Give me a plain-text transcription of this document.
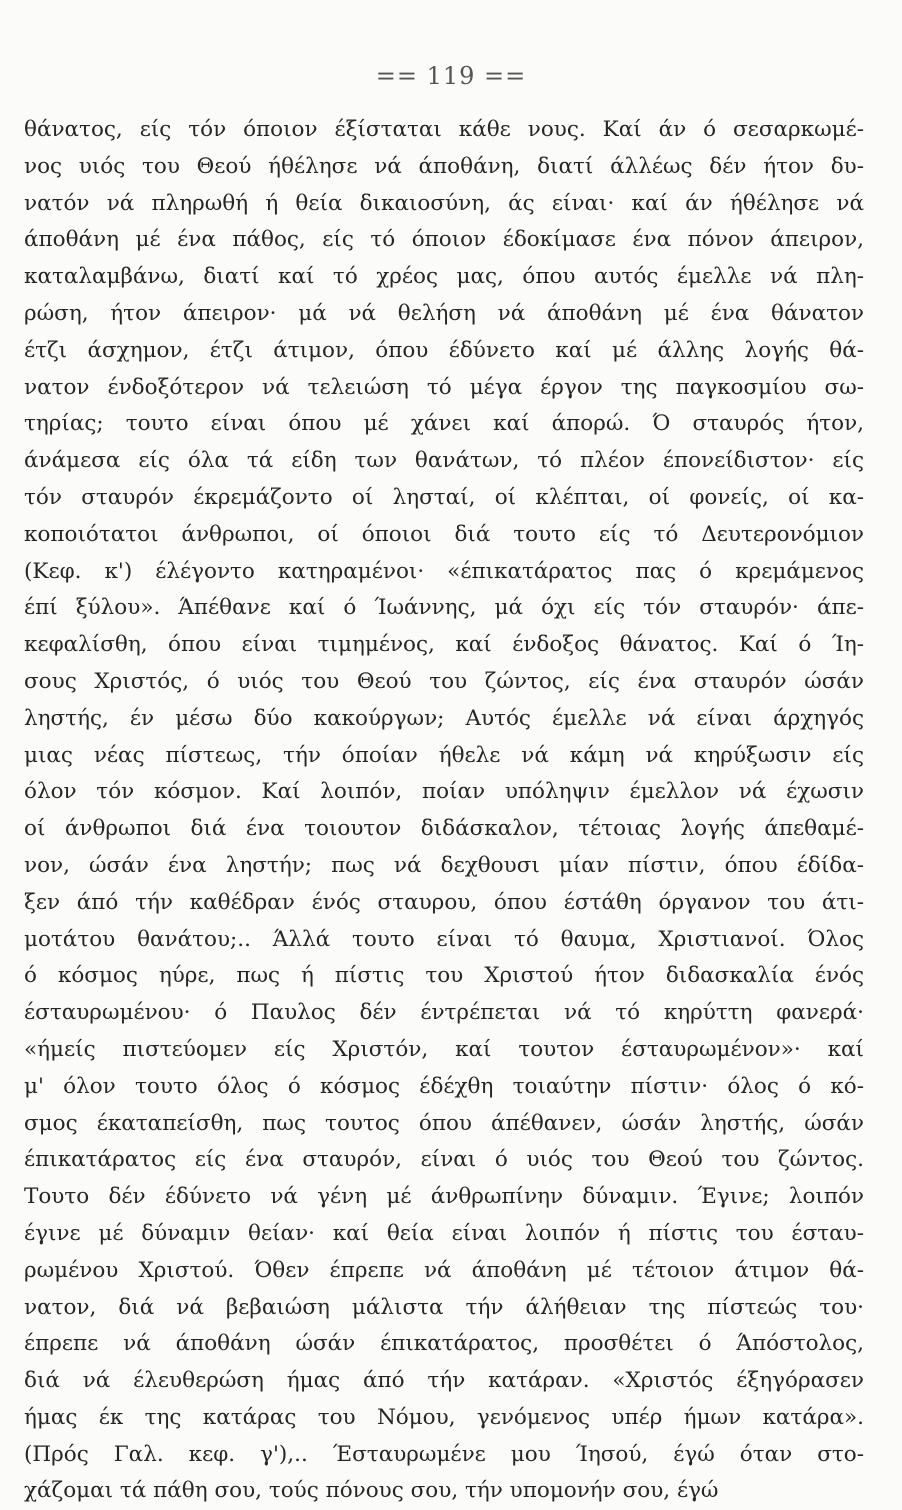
== 119 ==
θάνατος, είς τόν όποιον έξίσταται κάθε νους. Καί άν ό σεσαρκωμέ-
νος υιός του Θεού ήθέλησε νά άποθάνη, διατί άλλέως δέν ήτον δυ-
νατόν νά πληρωθή ή θεία δικαιοσύνη, άς είναι· καί άν ήθέλησε νά
άποθάνη μέ ένα πάθος, είς τό όποιον έδοκίμασε ένα πόνον άπειρον,
καταλαμβάνω, διατί καί τό χρέος μας, όπου αυτός έμελλε νά πλη-
ρώση, ήτον άπειρον· μά νά θελήση νά άποθάνη μέ ένα θάνατον
έτζι άσχημον, έτζι άτιμον, όπου έδύνετο καί μέ άλλης λογής θά-
νατον ένδοξότερον νά τελειώση τό μέγα έργον της παγκοσμίου σω-
τηρίας; τουτο είναι όπου μέ χάνει καί άπορώ. Ό σταυρός ήτον,
άνάμεσα είς όλα τά είδη των θανάτων, τό πλέον έπονείδιστον· είς
τόν σταυρόν έκρεμάζοντο οί λησταί, οί κλέπται, οί φονείς, οί κα-
κοποιότατοι άνθρωποι, οί όποιοι διά τουτο είς τό Δευτερονόμιον
(Κεφ. κ') έλέγοντο κατηραμένοι· «έπικατάρατος πας ό κρεμάμενος
έπί ξύλου». Άπέθανε καί ό Ίωάννης, μά όχι είς τόν σταυρόν· άπε-
κεφαλίσθη, όπου είναι τιμημένος, καί ένδοξος θάνατος. Καί ό Ίη-
σους Χριστός, ό υιός του Θεού του ζώντος, είς ένα σταυρόν ώσάν
ληστής, έν μέσω δύο κακούργων; Αυτός έμελλε νά είναι άρχηγός
μιας νέας πίστεως, τήν όποίαν ήθελε νά κάμη νά κηρύξωσιν είς
όλον τόν κόσμον. Καί λοιπόν, ποίαν υπόληψιν έμελλον νά έχωσιν
οί άνθρωποι διά ένα τοιουτον διδάσκαλον, τέτοιας λογής άπεθαμέ-
νον, ώσάν ένα ληστήν; πως νά δεχθουσι μίαν πίστιν, όπου έδίδα-
ξεν άπό τήν καθέδραν ένός σταυρου, όπου έστάθη όργανον του άτι-
μοτάτου θανάτου;.. Άλλά τουτο είναι τό θαυμα, Χριστιανοί. Όλος
ό κόσμος ηύρε, πως ή πίστις του Χριστού ήτον διδασκαλία ένός
έσταυρωμένου· ό Παυλος δέν έντρέπεται νά τό κηρύττη φανερά·
«ήμείς πιστεύομεν είς Χριστόν, καί τουτον έσταυρωμένον»· καί
μ' όλον τουτο όλος ό κόσμος έδέχθη τοιαύτην πίστιν· όλος ό κό-
σμος έκαταπείσθη, πως τουτος όπου άπέθανεν, ώσάν ληστής, ώσάν
έπικατάρατος είς ένα σταυρόν, είναι ό υιός του Θεού του ζώντος.
Τουτο δέν έδύνετο νά γένη μέ άνθρωπίνην δύναμιν. Έγινε; λοιπόν
έγινε μέ δύναμιν θείαν· καί θεία είναι λοιπόν ή πίστις του έσταυ-
ρωμένου Χριστού. Όθεν έπρεπε νά άποθάνη μέ τέτοιον άτιμον θά-
νατον, διά νά βεβαιώση μάλιστα τήν άλήθειαν της πίστεώς του·
έπρεπε νά άποθάνη ώσάν έπικατάρατος, προσθέτει ό Άπόστολος,
διά νά έλευθερώση ήμας άπό τήν κατάραν. «Χριστός έξηγόρασεν
ήμας έκ της κατάρας του Νόμου, γενόμενος υπέρ ήμων κατάρα».
(Πρός Γαλ. κεφ. γ'),.. Έσταυρωμένε μου Ίησού, έγώ όταν στο-
χάζομαι τά πάθη σου, τούς πόνους σου, τήν υπομονήν σου, έγώ
